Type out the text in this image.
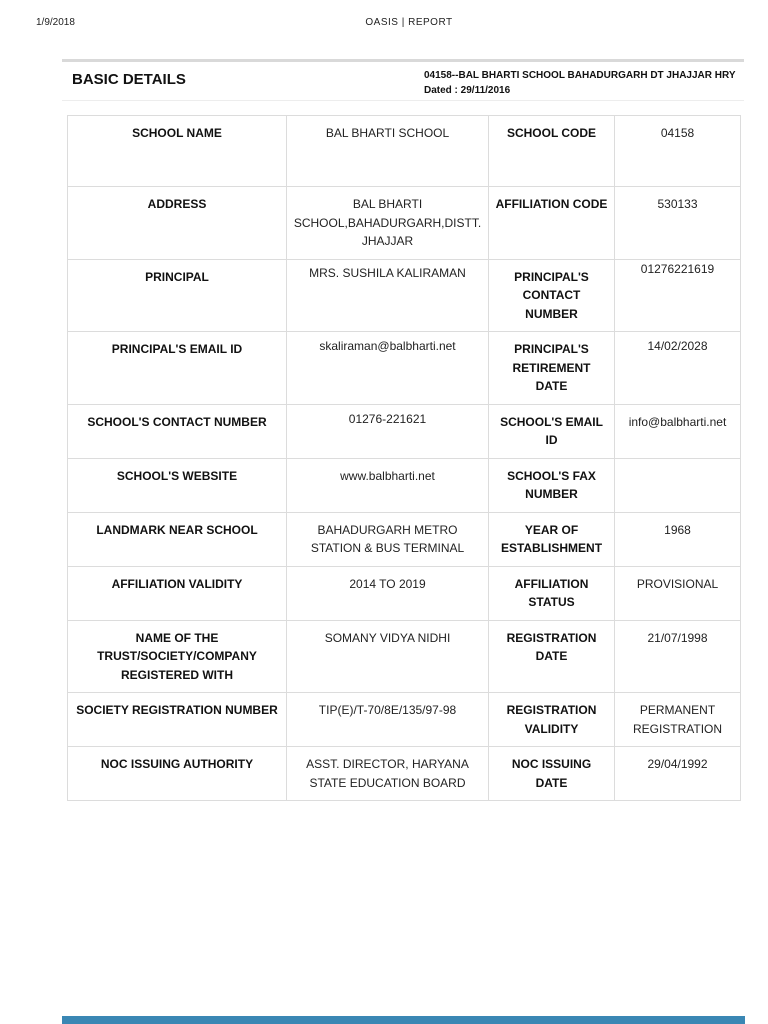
1/9/2018	OASIS | REPORT
BASIC DETAILS	04158--BAL BHARTI SCHOOL BAHADURGARH DT JHAJJAR HRY
Dated : 29/11/2016
SCHOOL NAME	BAL BHARTI SCHOOL	SCHOOL CODE	04158
ADDRESS	BAL BHARTI SCHOOL,BAHADURGARH,DISTT. JHAJJAR	AFFILIATION CODE	530133
PRINCIPAL	MRS. SUSHILA KALIRAMAN	PRINCIPAL'S CONTACT NUMBER	01276221619
PRINCIPAL'S EMAIL ID	skaliraman@balbharti.net	PRINCIPAL'S RETIREMENT DATE	14/02/2028
SCHOOL'S CONTACT NUMBER	01276-221621	SCHOOL'S EMAIL ID	info@balbharti.net
SCHOOL'S WEBSITE	www.balbharti.net	SCHOOL'S FAX NUMBER	
LANDMARK NEAR SCHOOL	BAHADURGARH METRO STATION & BUS TERMINAL	YEAR OF ESTABLISHMENT	1968
AFFILIATION VALIDITY	2014 TO 2019	AFFILIATION STATUS	PROVISIONAL
NAME OF THE TRUST/SOCIETY/COMPANY REGISTERED WITH	SOMANY VIDYA NIDHI	REGISTRATION DATE	21/07/1998
SOCIETY REGISTRATION NUMBER	TIP(E)/T-70/8E/135/97-98	REGISTRATION VALIDITY	PERMANENT REGISTRATION
NOC ISSUING AUTHORITY	ASST. DIRECTOR, HARYANA STATE EDUCATION BOARD	NOC ISSUING DATE	29/04/1992
